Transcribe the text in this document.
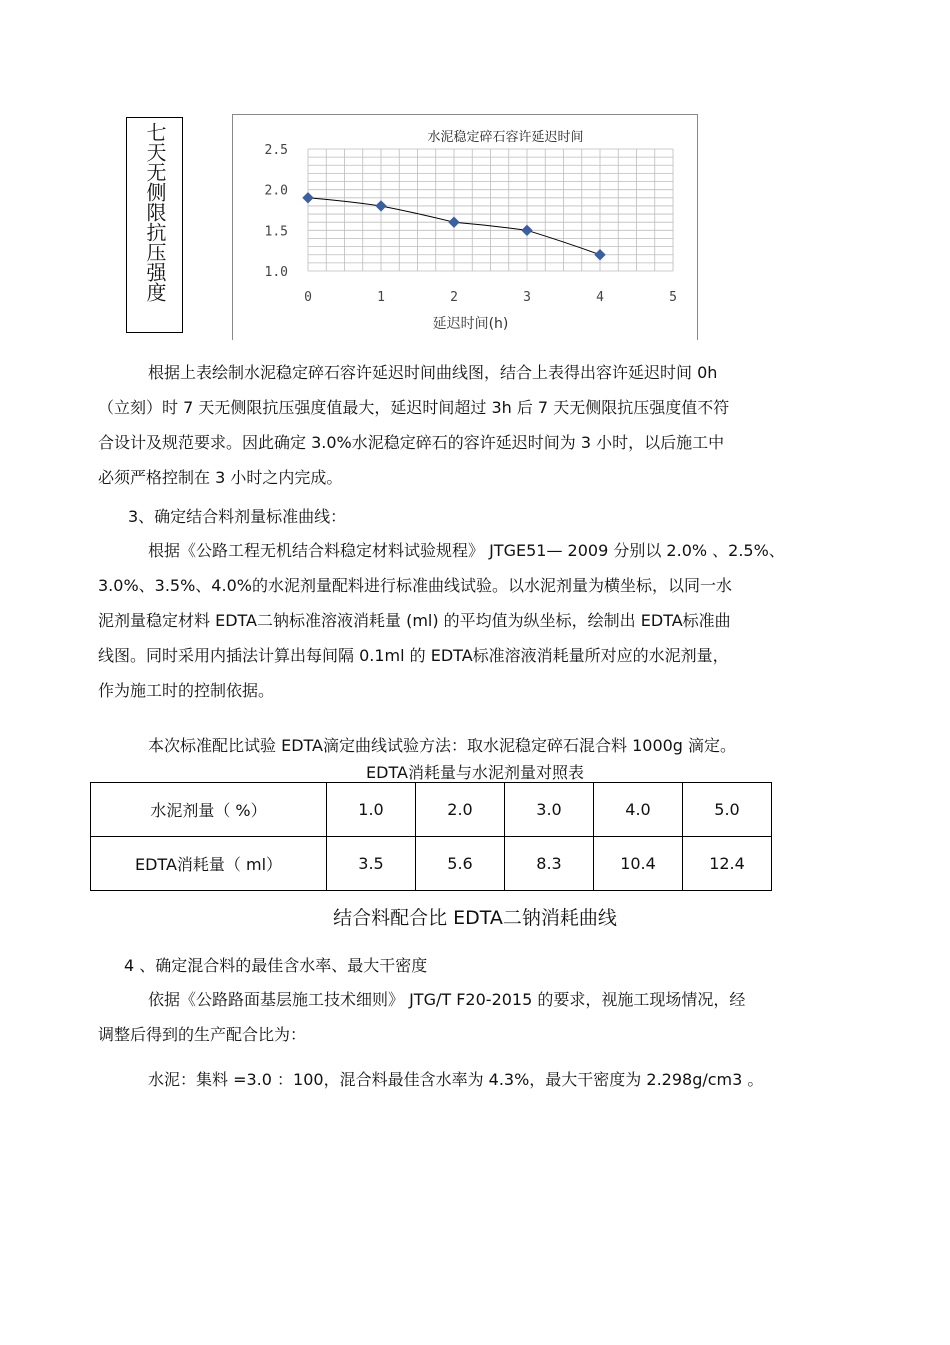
七天无侧限抗压强度	水泥稳定碎石容许延迟时间
2.5
2.0
1.5
1.0
0	1	2	3	4	5
延迟时间(h)
根据上表绘制水泥稳定碎石容许延迟时间曲线图，结合上表得出容许延迟时间 0h
（立刻）时 7 天无侧限抗压强度值最大，延迟时间超过 3h 后 7 天无侧限抗压强度值不符
合设计及规范要求。因此确定 3.0%水泥稳定碎石的容许延迟时间为 3 小时，以后施工中
必须严格控制在 3 小时之内完成。
3、确定结合料剂量标准曲线：
根据《公路工程无机结合料稳定材料试验规程》 JTGE51— 2009 分别以 2.0% 、2.5%、
3.0%、3.5%、4.0%的水泥剂量配料进行标准曲线试验。以水泥剂量为横坐标，以同一水
泥剂量稳定材料 EDTA二钠标准溶液消耗量 (ml) 的平均值为纵坐标，绘制出 EDTA标准曲
线图。同时采用内插法计算出每间隔 0.1ml 的 EDTA标准溶液消耗量所对应的水泥剂量，
作为施工时的控制依据。
本次标准配比试验 EDTA滴定曲线试验方法：取水泥稳定碎石混合料 1000g 滴定。
EDTA消耗量与水泥剂量对照表
水泥剂量（ %）	1.0	2.0	3.0	4.0	5.0
EDTA消耗量（ ml）	3.5	5.6	8.3	10.4	12.4
结合料配合比 EDTA二钠消耗曲线
4 、确定混合料的最佳含水率、最大干密度
依据《公路路面基层施工技术细则》 JTG/T F20-2015 的要求，视施工现场情况，经
调整后得到的生产配合比为：
水泥：集料 =3.0 ：100，混合料最佳含水率为 4.3%，最大干密度为 2.298g/cm3 。
